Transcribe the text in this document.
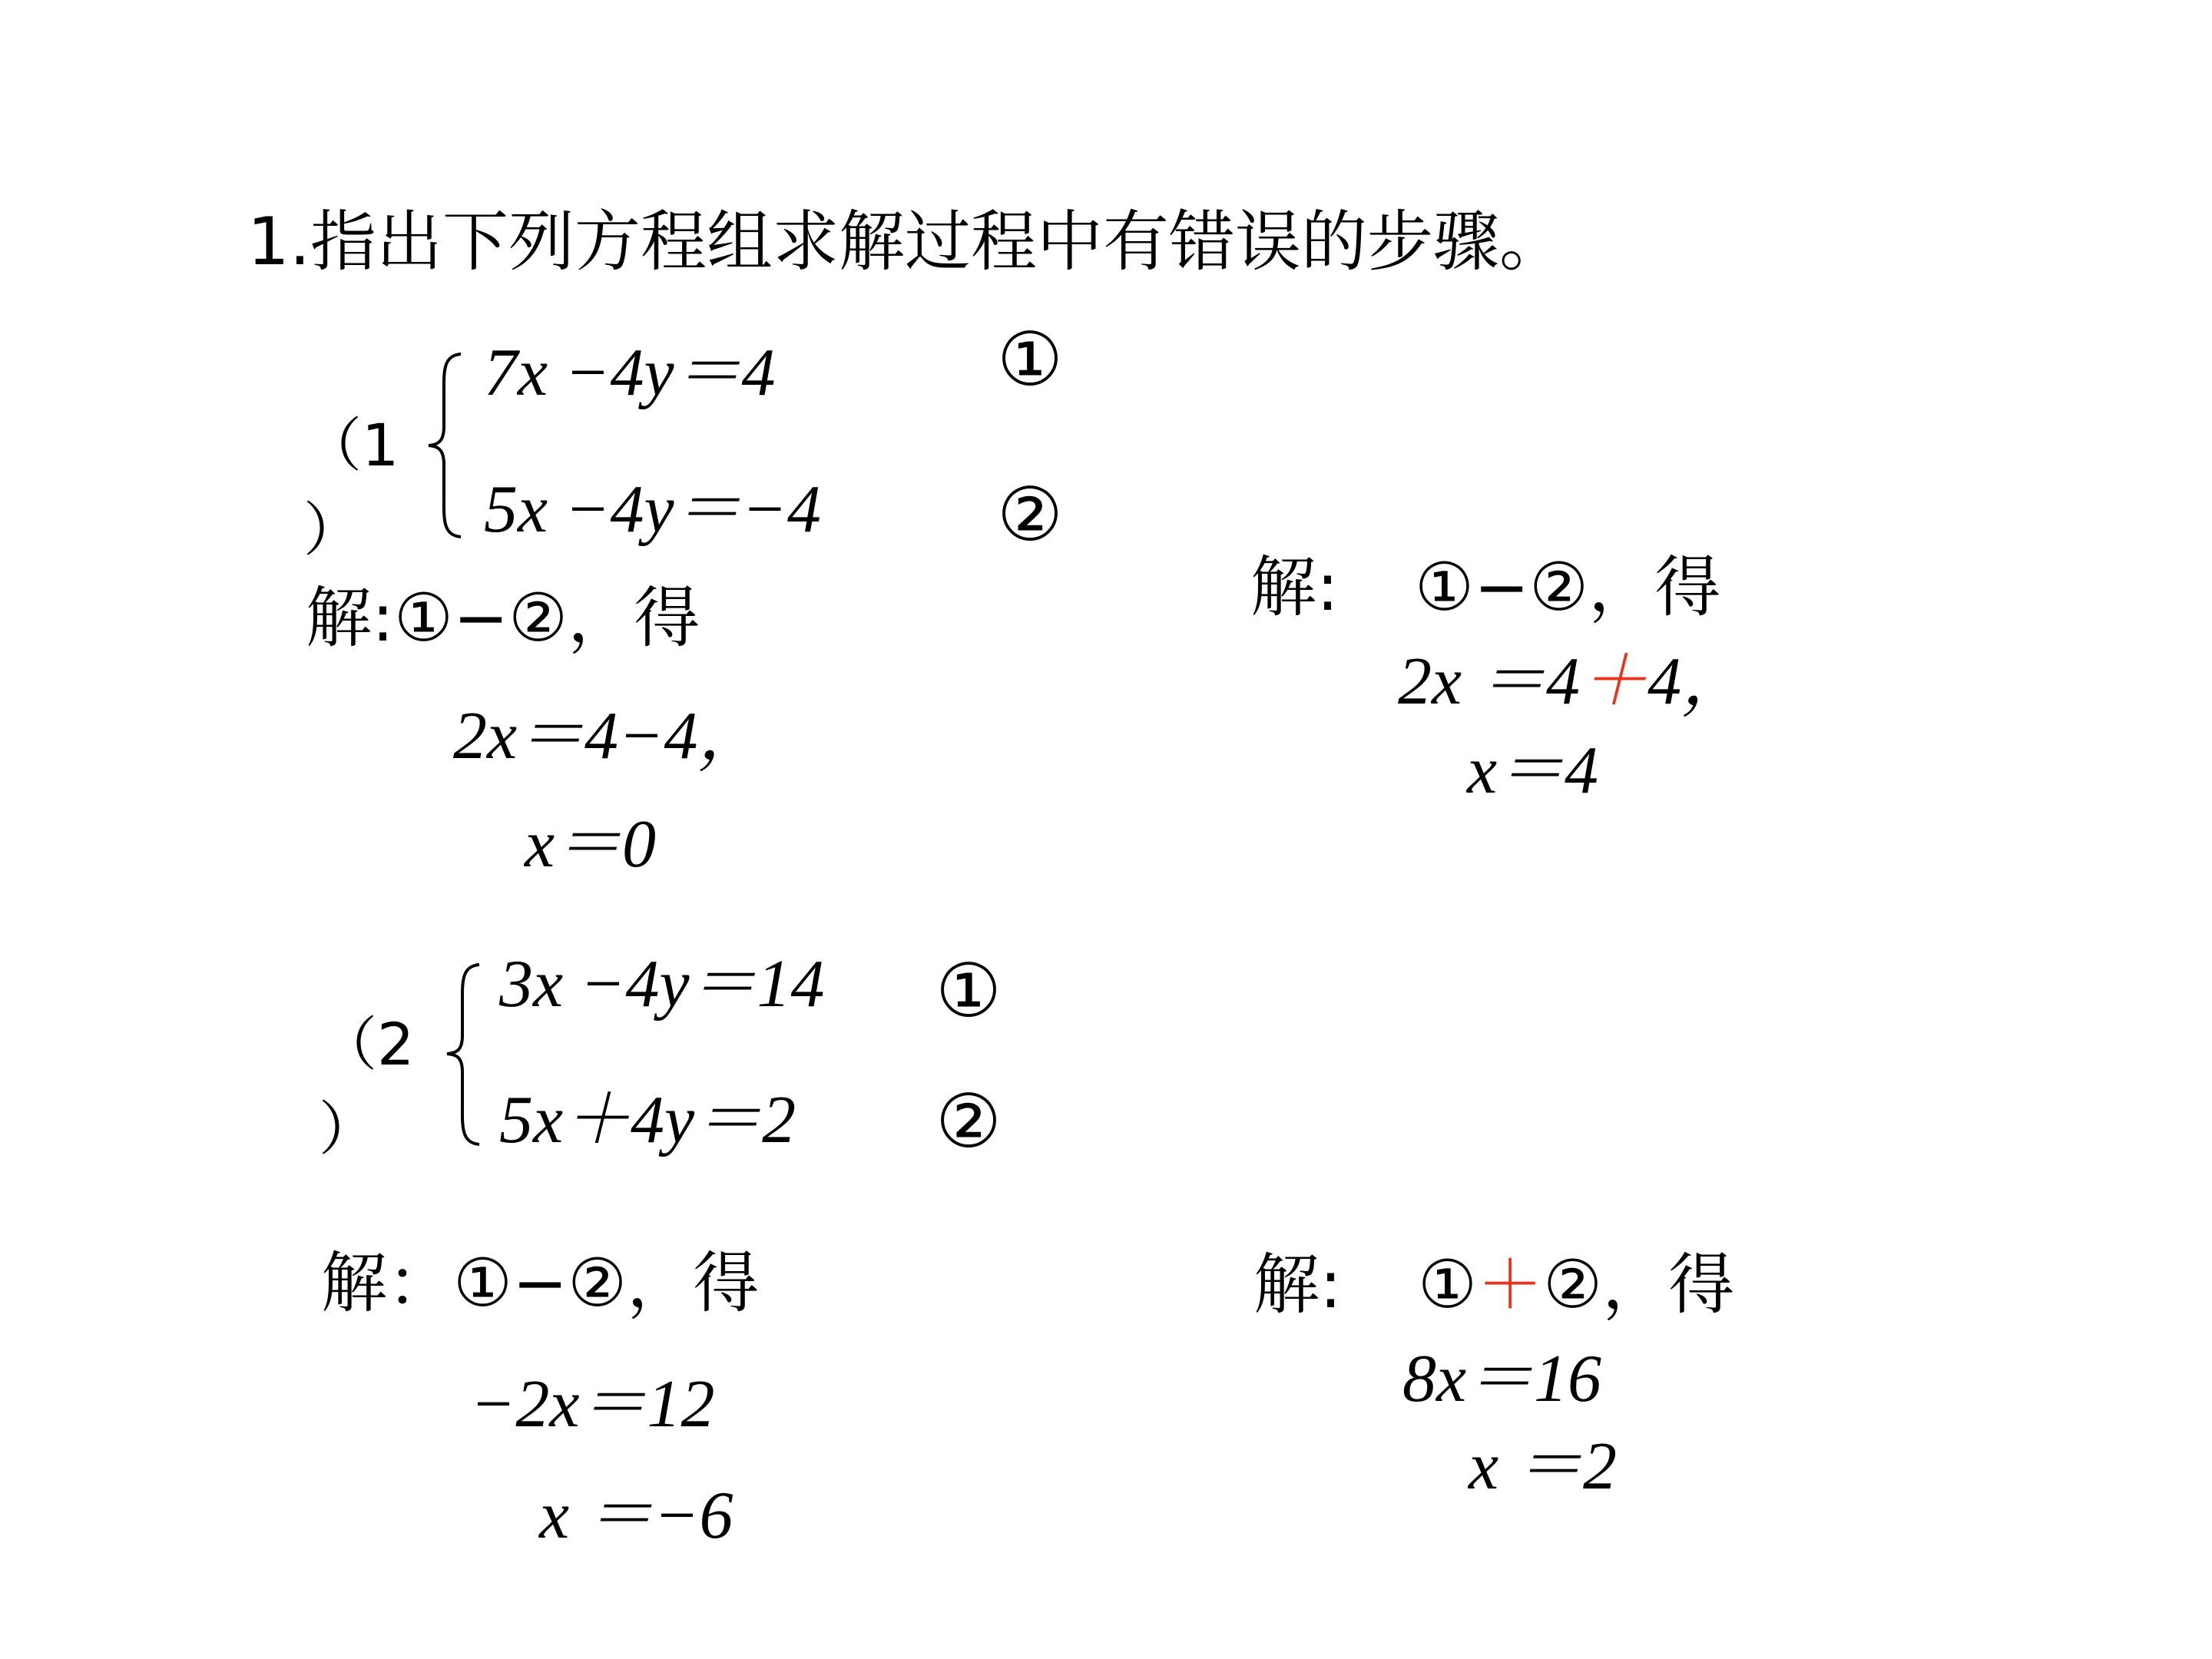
1.指出下列方程组求解过程中有错误的步骤。
（1
）
7x −4y＝4	①
5x −4y＝−4 ②
解:①−②，得
2x＝4−4，
x＝0
解: ①−②，得
2x ＝4＋4，
x＝4
（2
）
3x −4y＝14 ①
5x＋4y＝2 ②
解：①−②，得
−2x＝12
x ＝−6
解: ①＋②，得
8x＝16
x ＝2
